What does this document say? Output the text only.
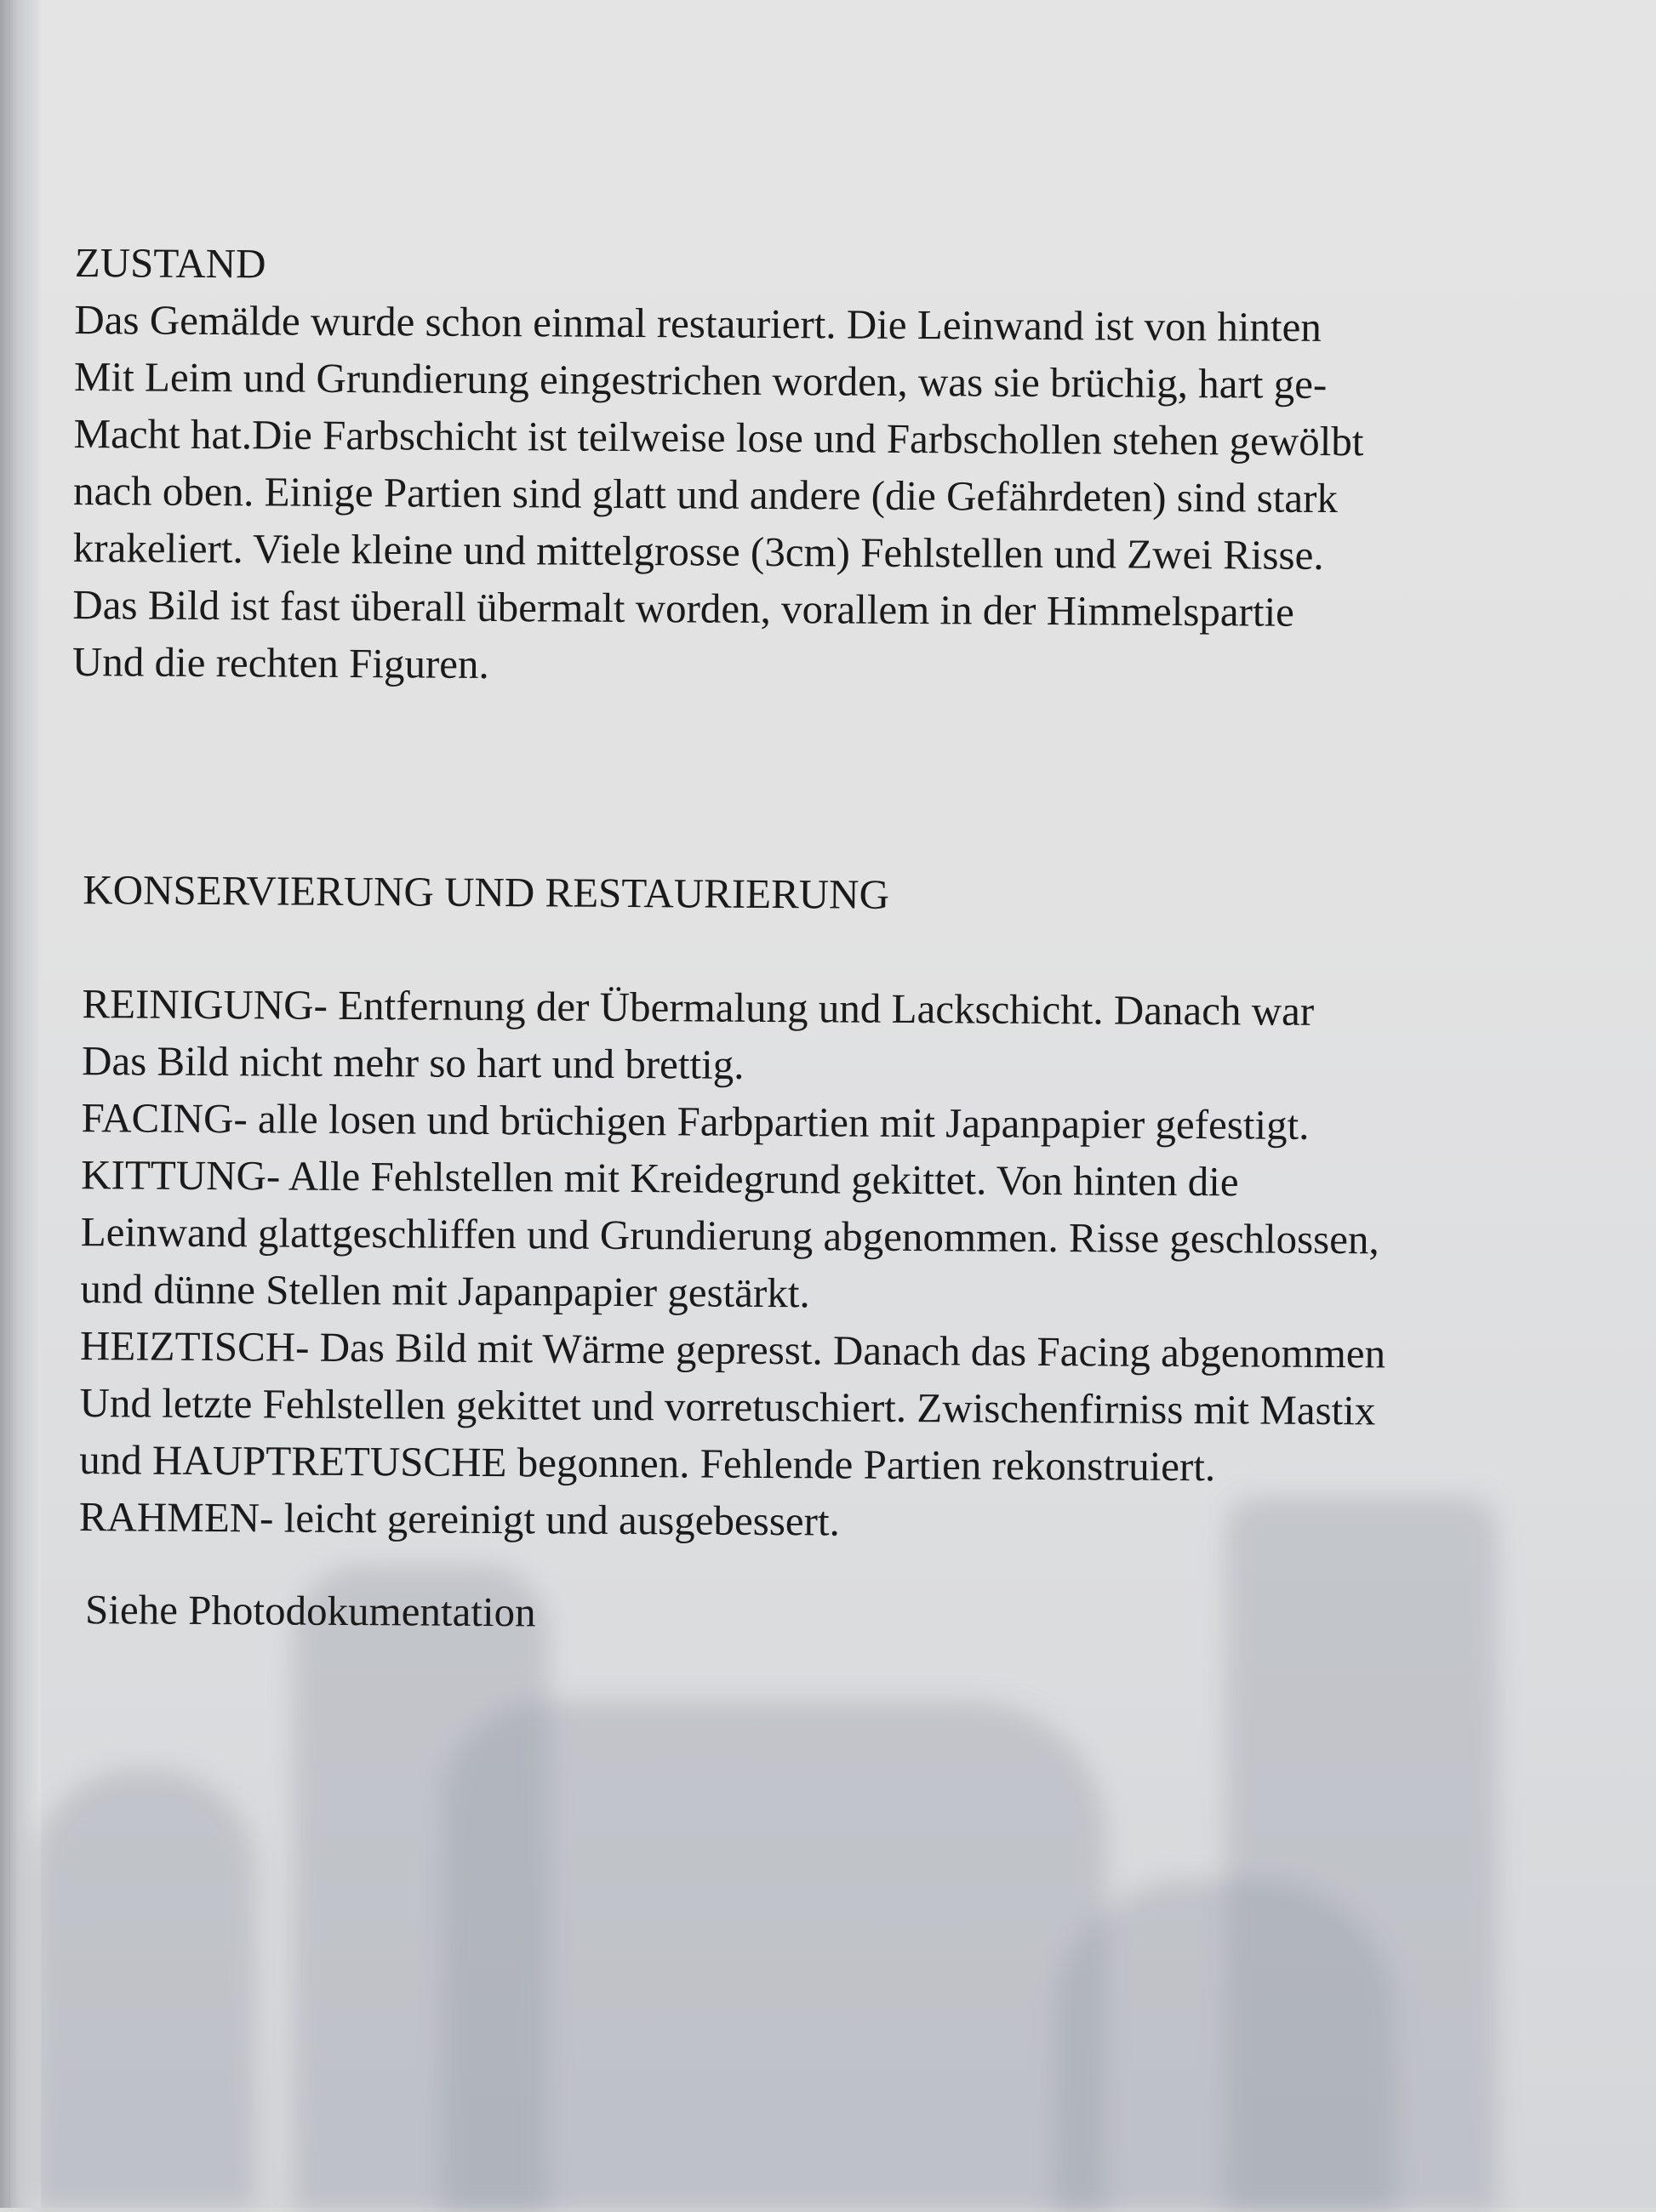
ZUSTAND
Das Gemälde wurde schon einmal restauriert. Die Leinwand ist von hinten
Mit Leim und Grundierung eingestrichen worden, was sie brüchig, hart ge-
Macht hat.Die Farbschicht ist teilweise lose und Farbschollen stehen gewölbt
nach oben. Einige Partien sind glatt und andere (die Gefährdeten) sind stark
krakeliert. Viele kleine und mittelgrosse (3cm) Fehlstellen und Zwei Risse.
Das Bild ist fast überall übermalt worden, vorallem in der Himmelspartie
Und die rechten Figuren.
KONSERVIERUNG UND RESTAURIERUNG
REINIGUNG- Entfernung der Übermalung und Lackschicht. Danach war
Das Bild nicht mehr so hart und brettig.
FACING- alle losen und brüchigen Farbpartien mit Japanpapier gefestigt.
KITTUNG- Alle Fehlstellen mit Kreidegrund gekittet. Von hinten die
Leinwand glattgeschliffen und Grundierung abgenommen. Risse geschlossen,
und dünne Stellen mit Japanpapier gestärkt.
HEIZTISCH- Das Bild mit Wärme gepresst. Danach das Facing abgenommen
Und letzte Fehlstellen gekittet und vorretuschiert. Zwischenfirniss mit Mastix
und HAUPTRETUSCHE begonnen. Fehlende Partien rekonstruiert.
RAHMEN- leicht gereinigt und ausgebessert.
Siehe Photodokumentation
